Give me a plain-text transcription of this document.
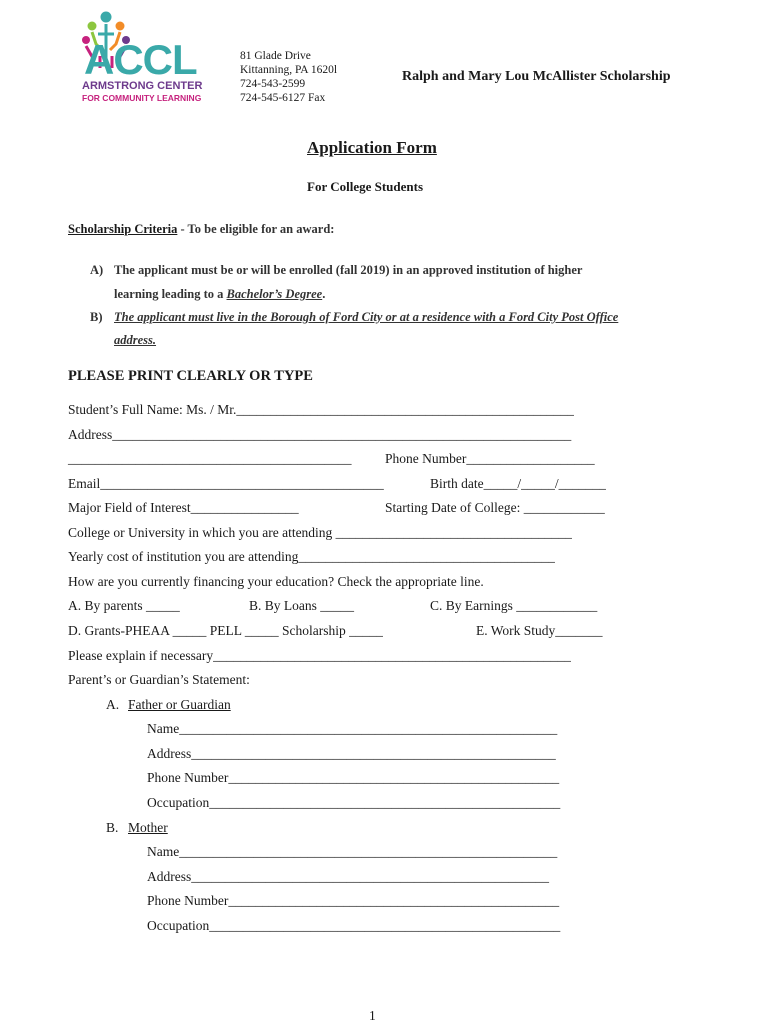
ACCL
ARMSTRONG CENTER
FOR COMMUNITY LEARNING
81 Glade Drive
Kittanning, PA 1620l
724-543-2599
724-545-6127 Fax
Ralph and Mary Lou McAllister Scholarship
Application Form
For College Students
Scholarship Criteria - To be eligible for an award:
A) The applicant must be or will be enrolled (fall 2019) in an approved institution of higher
learning leading to a Bachelor’s Degree.
B) The applicant must live in the Borough of Ford City or at a residence with a Ford City Post Office
address.
PLEASE PRINT CLEARLY OR TYPE
Student’s Full Name: Ms. / Mr.__________________________________________________
Address____________________________________________________________________
__________________________________________ Phone Number___________________
Email__________________________________________	Birth date_____/_____/_______
Major Field of Interest________________	Starting Date of College: ____________
College or University in which you are attending ___________________________________
Yearly cost of institution you are attending______________________________________
How are you currently financing your education? Check the appropriate line.
A. By parents _____	B. By Loans _____	C. By Earnings ____________
D. Grants-PHEAA _____ PELL _____ Scholarship _____	E. Work Study_______
Please explain if necessary_____________________________________________________
Parent’s or Guardian’s Statement:
A. Father or Guardian
Name________________________________________________________
Address______________________________________________________
Phone Number_________________________________________________
Occupation____________________________________________________
B. Mother
Name________________________________________________________
Address_____________________________________________________
Phone Number_________________________________________________
Occupation____________________________________________________
1
